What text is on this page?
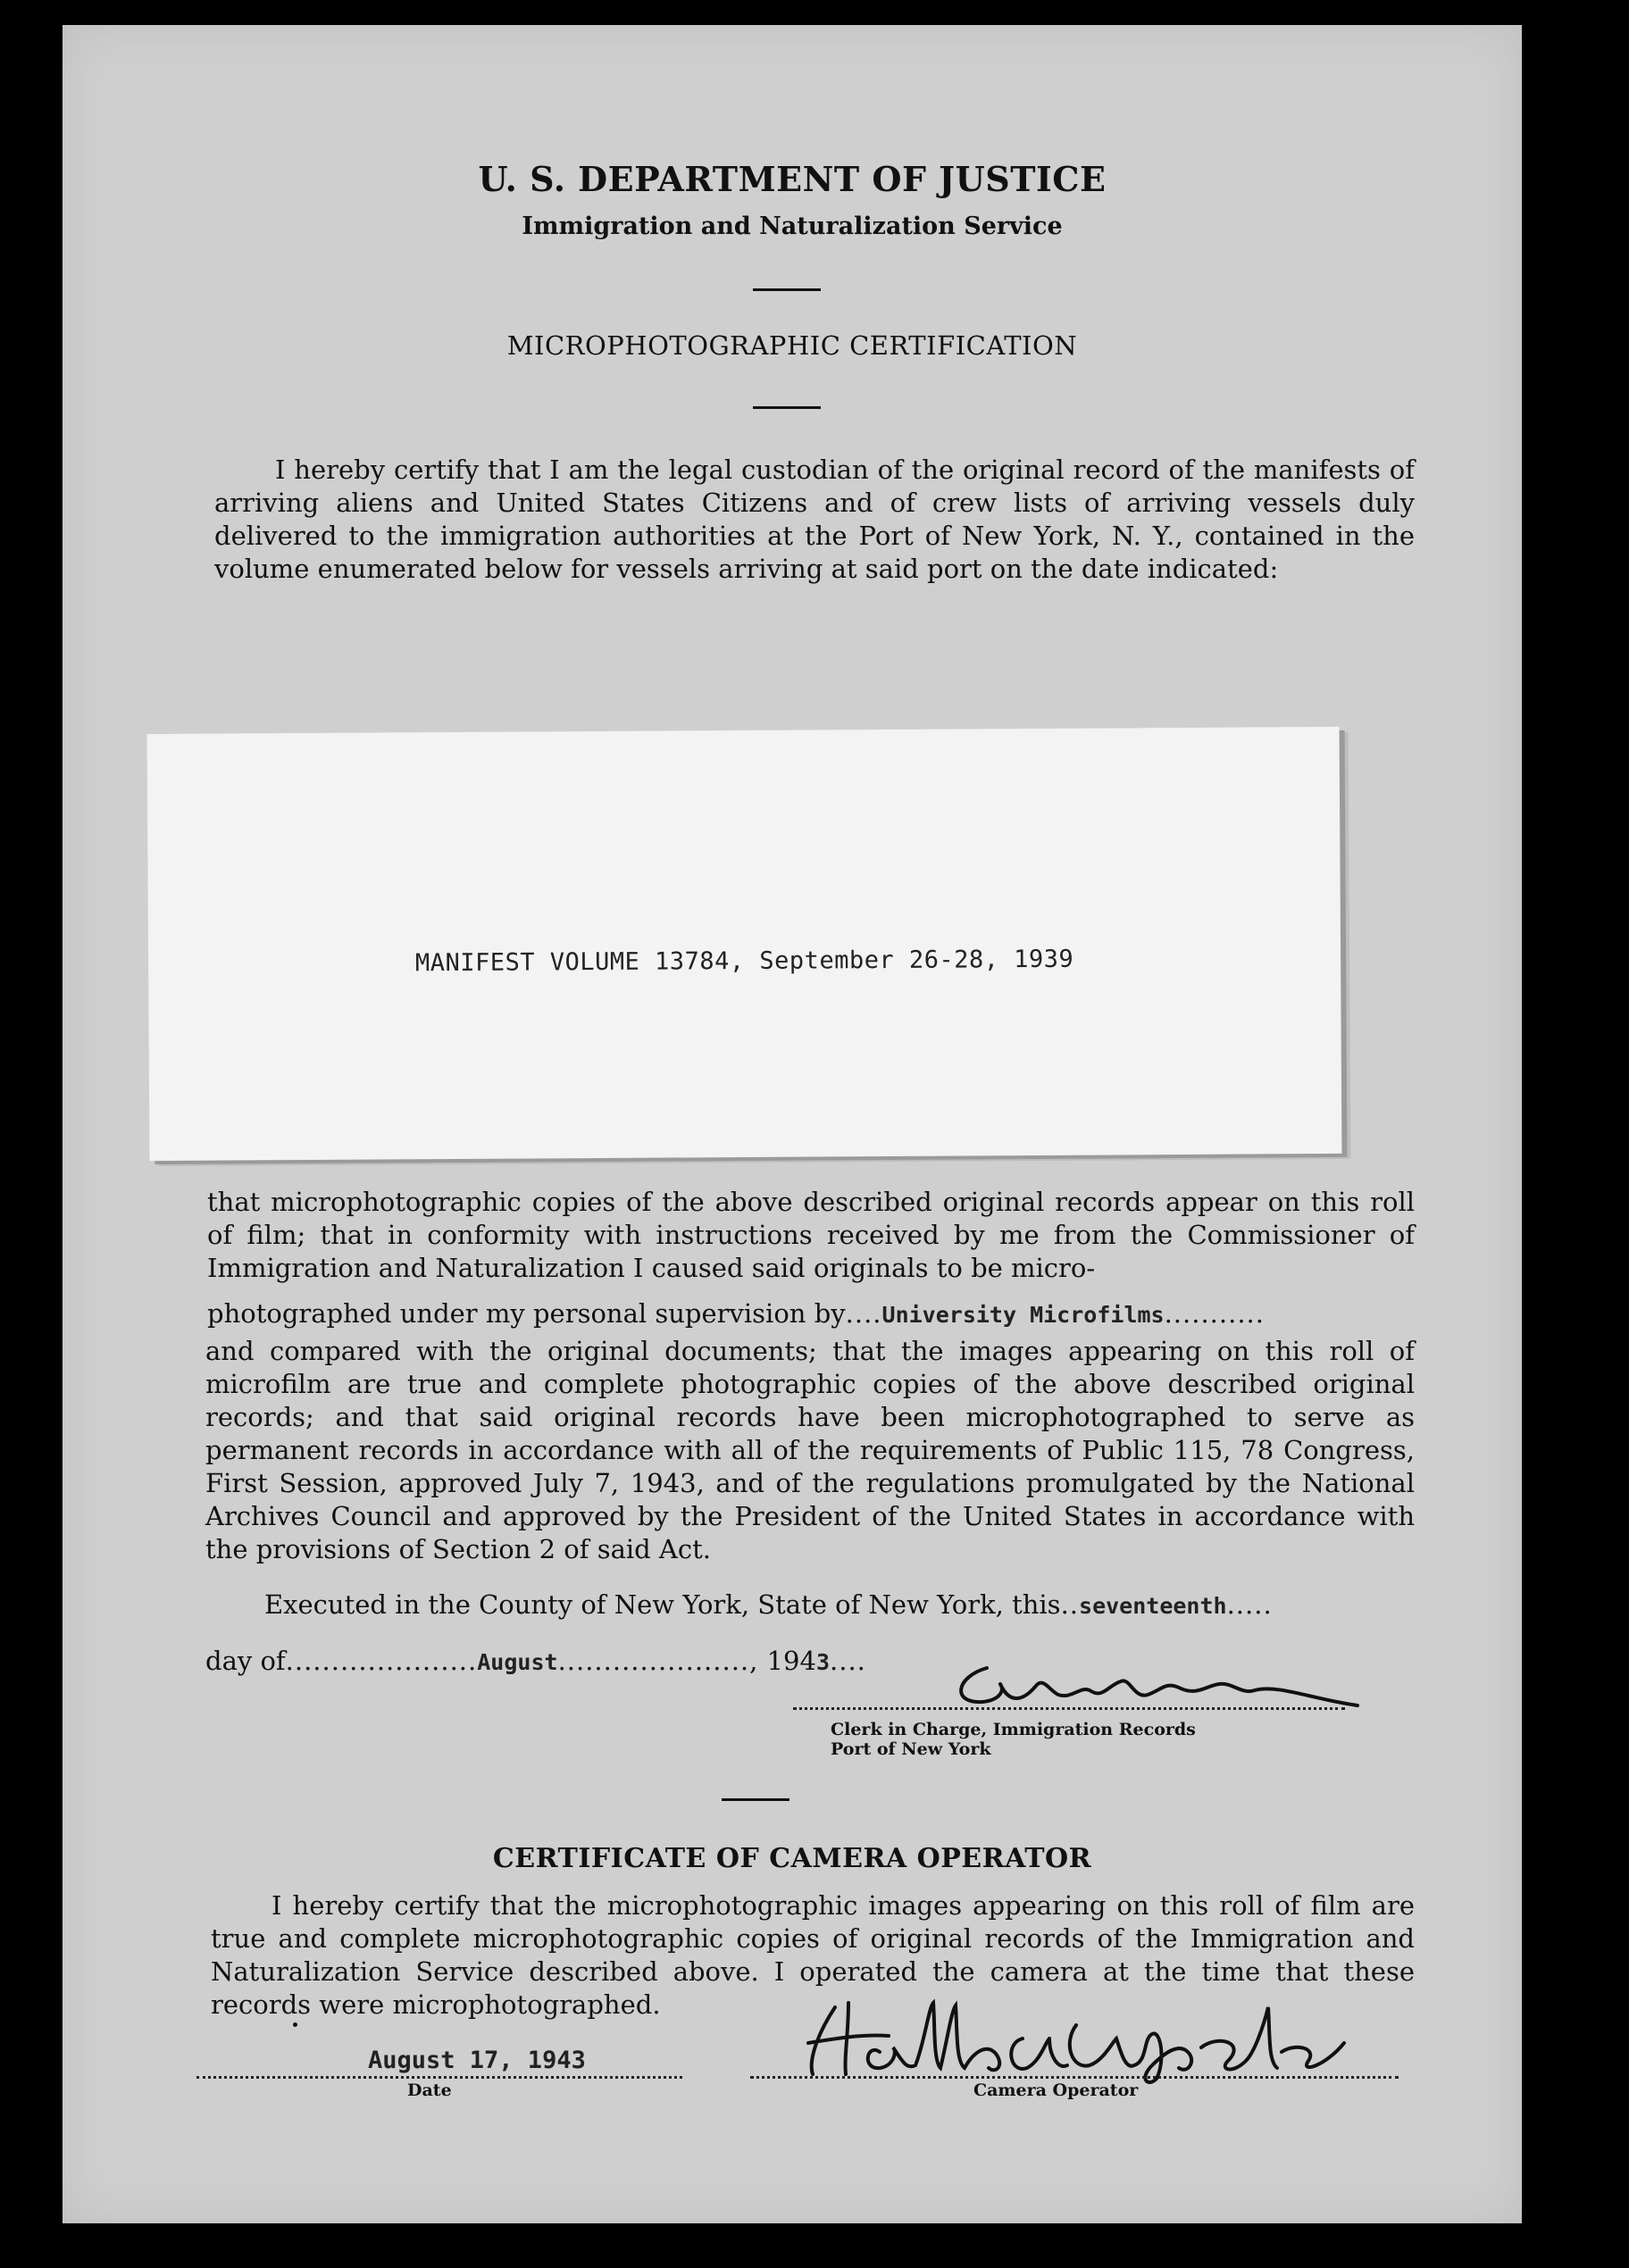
U. S. DEPARTMENT OF JUSTICE
Immigration and Naturalization Service
MICROPHOTOGRAPHIC CERTIFICATION

I hereby certify that I am the legal custodian of the original record of the manifests of arriving aliens and United States Citizens and of crew lists of arriving vessels duly delivered to the immigration authorities at the Port of New York, N. Y., contained in the volume enumerated below for vessels arriving at said port on the date indicated:

MANIFEST VOLUME 13784, September 26-28, 1939

that microphotographic copies of the above described original records appear on this roll of film; that in conformity with instructions received by me from the Commissioner of Immigration and Naturalization I caused said originals to be micro-

photographed under my personal supervision by....University Microfilms...........

and compared with the original documents; that the images appearing on this roll of microfilm are true and complete photographic copies of the above described original records; and that said original records have been microphotographed to serve as permanent records in accordance with all of the requirements of Public 115, 78 Congress, First Session, approved July 7, 1943, and of the regulations promulgated by the National Archives Council and approved by the President of the United States in accordance with the provisions of Section 2 of said Act.

Executed in the County of New York, State of New York, this..seventeenth.....
day of.....................August....................., 1943....
Clerk in Charge, Immigration Records
Port of New York
CERTIFICATE OF CAMERA OPERATOR

I hereby certify that the microphotographic images appearing on this roll of film are true and complete microphotographic copies of original records of the Immigration and Naturalization Service described above. I operated the camera at the time that these records were microphotographed.

August 17, 1943
Date	Camera Operator
